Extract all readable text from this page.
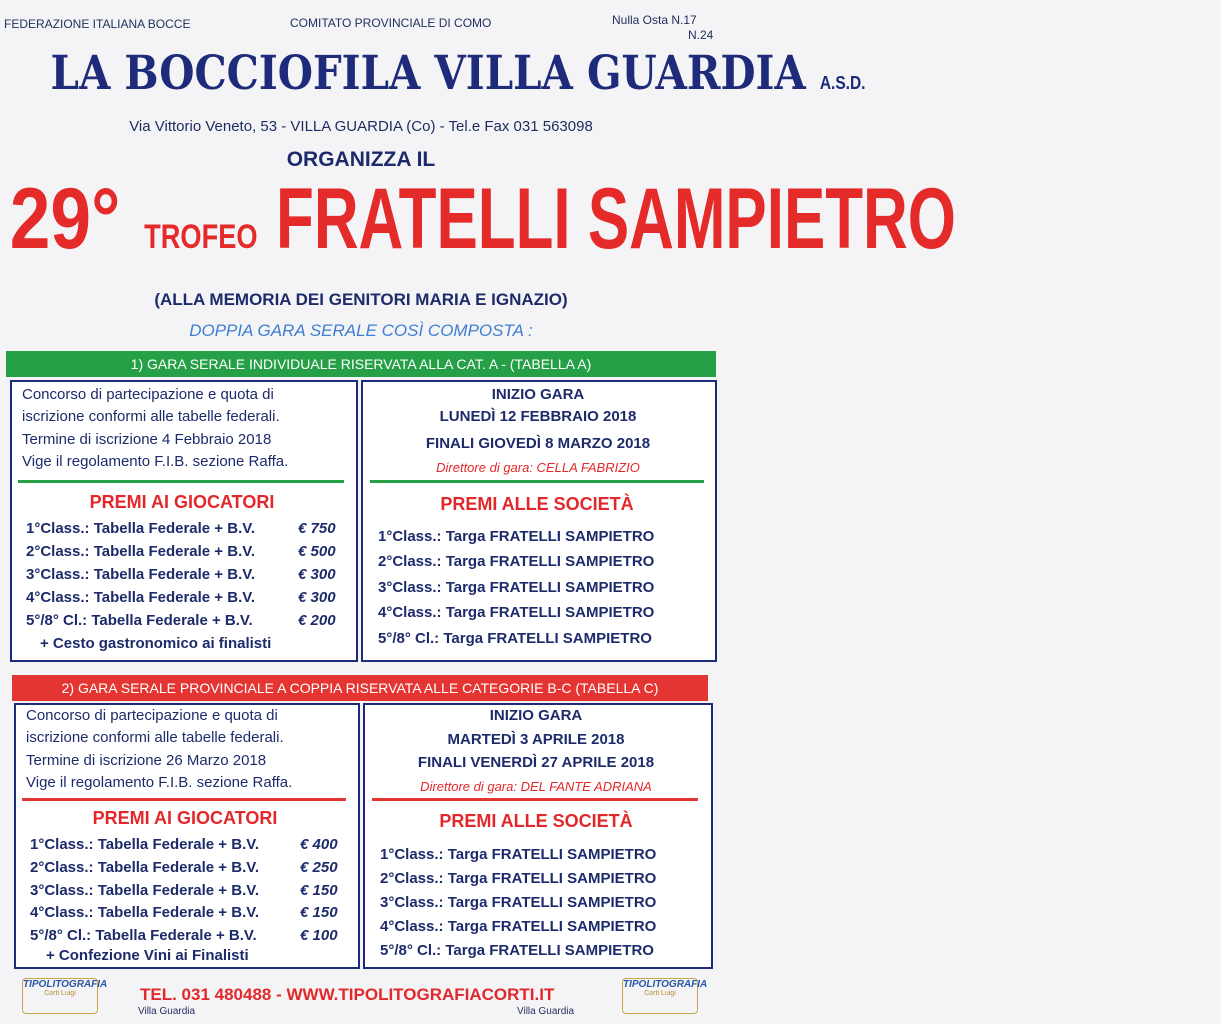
FEDERAZIONE ITALIANA BOCCE	COMITATO PROVINCIALE DI COMO	Nulla Osta N.17
N.24
LA BOCCIOFILA VILLA GUARDIA A.S.D.
Via Vittorio Veneto, 53 - VILLA GUARDIA (Co) - Tel.e Fax 031 563098
ORGANIZZA IL
29° TROFEO FRATELLI SAMPIETRO
(ALLA MEMORIA DEI GENITORI MARIA E IGNAZIO)
DOPPIA GARA SERALE COSÌ COMPOSTA :
1) GARA SERALE INDIVIDUALE RISERVATA ALLA CAT. A - (TABELLA A)
Concorso di partecipazione e quota di
iscrizione conformi alle tabelle federali.
Termine di iscrizione 4 Febbraio 2018
Vige il regolamento F.I.B. sezione Raffa.
INIZIO GARA
LUNEDÌ 12 FEBBRAIO 2018
FINALI GIOVEDÌ 8 MARZO 2018
Direttore di gara: CELLA FABRIZIO
PREMI AI GIOCATORI	PREMI ALLE SOCIETÀ
1°Class.: Tabella Federale + B.V.	€ 750
2°Class.: Tabella Federale + B.V.	€ 500
3°Class.: Tabella Federale + B.V.	€ 300
4°Class.: Tabella Federale + B.V.	€ 300
5°/8° Cl.: Tabella Federale + B.V.	€ 200
+ Cesto gastronomico ai finalisti
1°Class.: Targa FRATELLI SAMPIETRO
2°Class.: Targa FRATELLI SAMPIETRO
3°Class.: Targa FRATELLI SAMPIETRO
4°Class.: Targa FRATELLI SAMPIETRO
5°/8° Cl.: Targa FRATELLI SAMPIETRO
2) GARA SERALE PROVINCIALE A COPPIA RISERVATA ALLE CATEGORIE B-C (TABELLA C)
Concorso di partecipazione e quota di
iscrizione conformi alle tabelle federali.
Termine di iscrizione 26 Marzo 2018
Vige il regolamento F.I.B. sezione Raffa.
INIZIO GARA
MARTEDÌ 3 APRILE 2018
FINALI VENERDÌ 27 APRILE 2018
Direttore di gara: DEL FANTE ADRIANA
PREMI AI GIOCATORI	PREMI ALLE SOCIETÀ
1°Class.: Tabella Federale + B.V.	€ 400
2°Class.: Tabella Federale + B.V.	€ 250
3°Class.: Tabella Federale + B.V.	€ 150
4°Class.: Tabella Federale + B.V.	€ 150
5°/8° Cl.: Tabella Federale + B.V.	€ 100
+ Confezione Vini ai Finalisti
1°Class.: Targa FRATELLI SAMPIETRO
2°Class.: Targa FRATELLI SAMPIETRO
3°Class.: Targa FRATELLI SAMPIETRO
4°Class.: Targa FRATELLI SAMPIETRO
5°/8° Cl.: Targa FRATELLI SAMPIETRO
TIPOLITOGRAFIA
Corti Luigi	TEL. 031 480488 - WWW.TIPOLITOGRAFIACORTI.IT
Villa Guardia	Villa Guardia
TIPOLITOGRAFIA
Corti Luigi
